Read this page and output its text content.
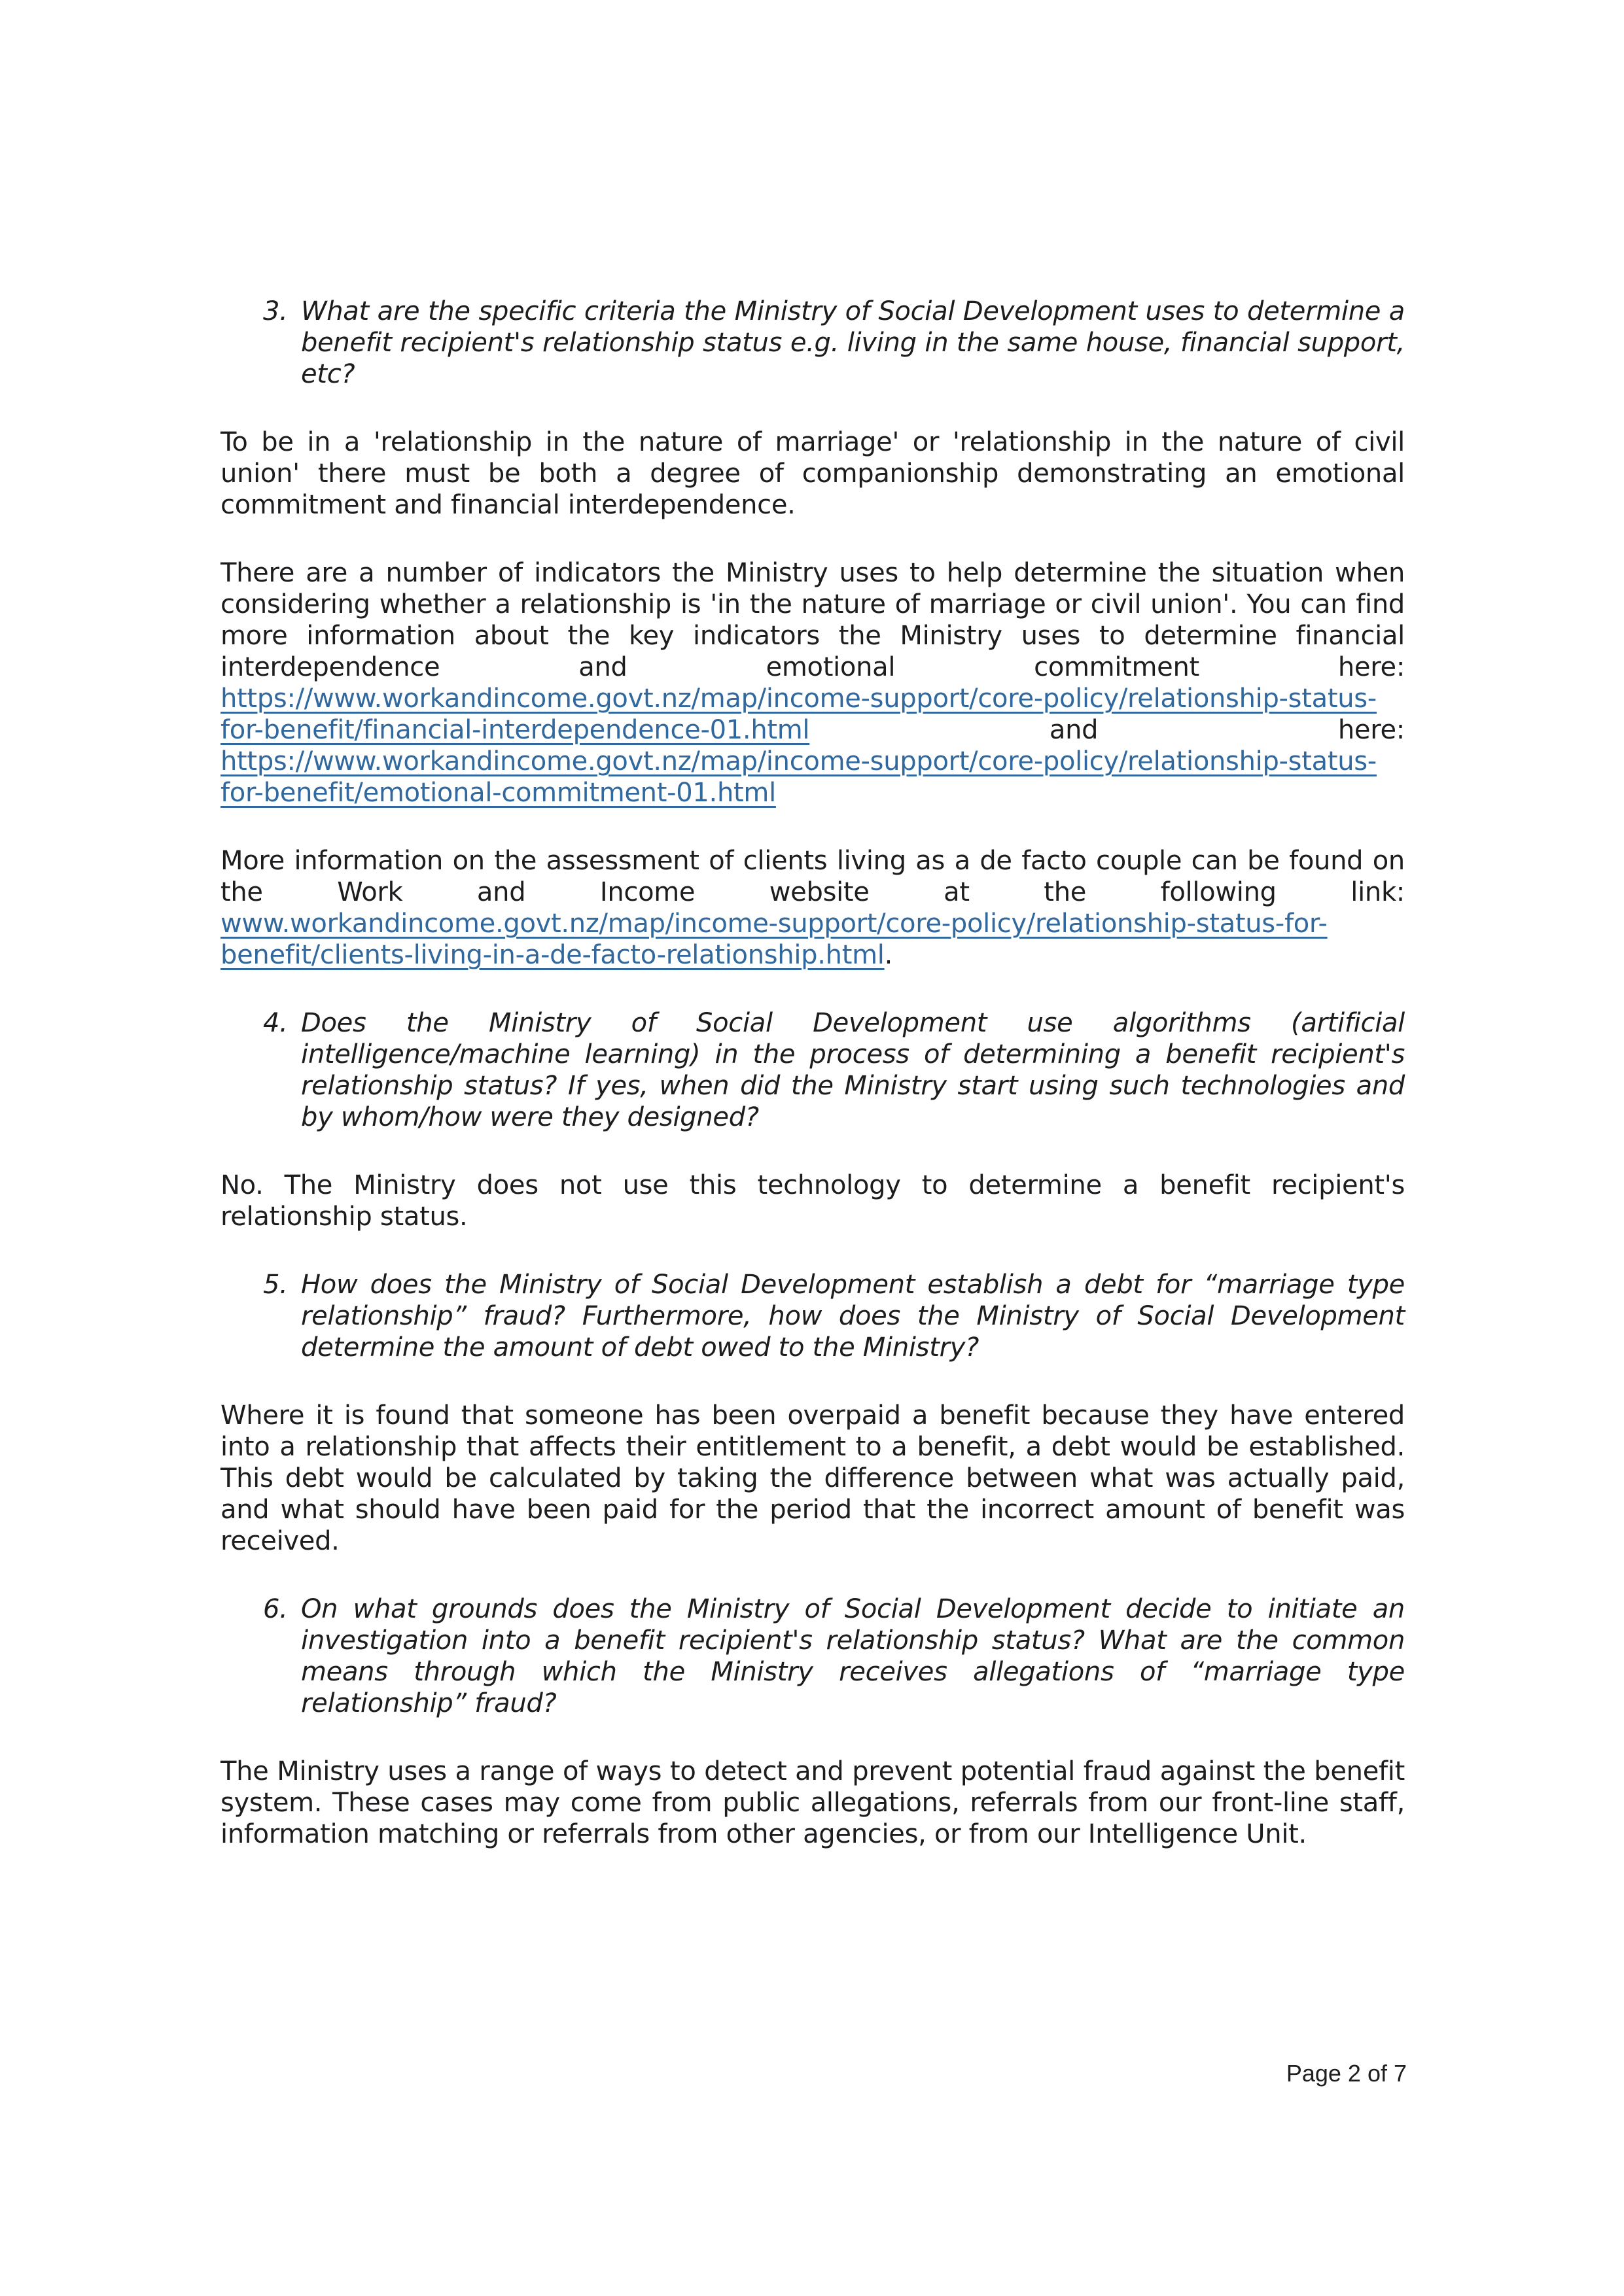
3. What are the specific criteria the Ministry of Social Development uses to determine a benefit recipient's relationship status e.g. living in the same house, financial support, etc?

To be in a 'relationship in the nature of marriage' or 'relationship in the nature of civil union' there must be both a degree of companionship demonstrating an emotional commitment and financial interdependence.

There are a number of indicators the Ministry uses to help determine the situation when considering whether a relationship is 'in the nature of marriage or civil union'. You can find more information about the key indicators the Ministry uses to determine financial interdependence and emotional commitment here: https://www.workandincome.govt.nz/map/income-support/core-policy/relationship-status-for-benefit/financial-interdependence-01.html and here: https://www.workandincome.govt.nz/map/income-support/core-policy/relationship-status-for-benefit/emotional-commitment-01.html

More information on the assessment of clients living as a de facto couple can be found on the Work and Income website at the following link: www.workandincome.govt.nz/map/income-support/core-policy/relationship-status-for-benefit/clients-living-in-a-de-facto-relationship.html.

4. Does the Ministry of Social Development use algorithms (artificial intelligence/machine learning) in the process of determining a benefit recipient's relationship status? If yes, when did the Ministry start using such technologies and by whom/how were they designed?

No. The Ministry does not use this technology to determine a benefit recipient's relationship status.

5. How does the Ministry of Social Development establish a debt for “marriage type relationship” fraud? Furthermore, how does the Ministry of Social Development determine the amount of debt owed to the Ministry?

Where it is found that someone has been overpaid a benefit because they have entered into a relationship that affects their entitlement to a benefit, a debt would be established. This debt would be calculated by taking the difference between what was actually paid, and what should have been paid for the period that the incorrect amount of benefit was received.

6. On what grounds does the Ministry of Social Development decide to initiate an investigation into a benefit recipient's relationship status? What are the common means through which the Ministry receives allegations of “marriage type relationship” fraud?

The Ministry uses a range of ways to detect and prevent potential fraud against the benefit system. These cases may come from public allegations, referrals from our front-line staff, information matching or referrals from other agencies, or from our Intelligence Unit.

Page 2 of 7
